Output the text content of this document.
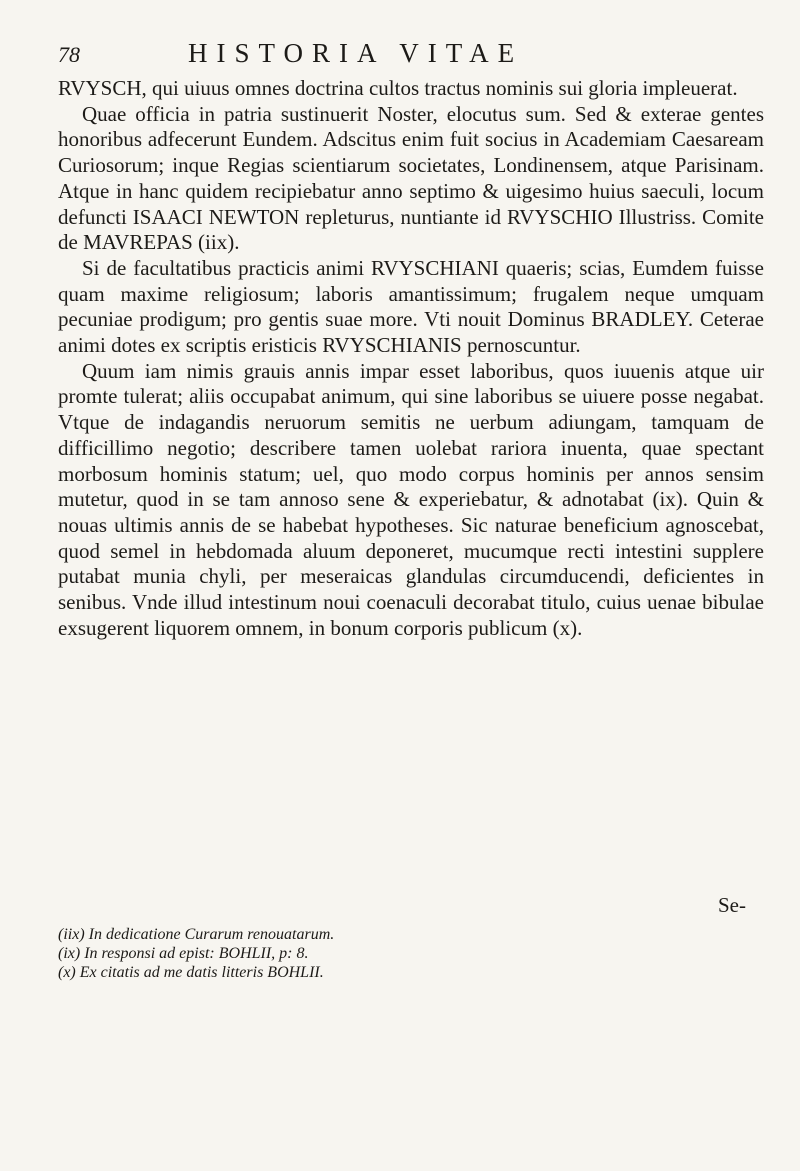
78	HISTORIA VITAE

RVYSCH, qui uiuus omnes doctrina cultos tractus nominis sui gloria impleuerat.

Quae officia in patria sustinuerit Noster, elocutus sum. Sed & exterae gentes honoribus adfecerunt Eundem. Adscitus enim fuit socius in Academiam Caesaream Curiosorum; inque Regias scientiarum societates, Londinensem, atque Parisinam. Atque in hanc quidem recipiebatur anno septimo & uigesimo huius saeculi, locum defuncti ISAACI NEWTON repleturus, nuntiante id RVYSCHIO Illustriss. Comite de MAVREPAS (iix).

Si de facultatibus practicis animi RVYSCHIANI quaeris; scias, Eumdem fuisse quam maxime religiosum; laboris amantissimum; frugalem neque umquam pecuniae prodigum; pro gentis suae more. Vti nouit Dominus BRADLEY. Ceterae animi dotes ex scriptis eristicis RVYSCHIANIS pernoscuntur.

Quum iam nimis grauis annis impar esset laboribus, quos iuuenis atque uir promte tulerat; aliis occupabat animum, qui sine laboribus se uiuere posse negabat. Vtque de indagandis neruorum semitis ne uerbum adiungam, tamquam de difficillimo negotio; describere tamen uolebat rariora inuenta, quae spectant morbosum hominis statum; uel, quo modo corpus hominis per annos sensim mutetur, quod in se tam annoso sene & experiebatur, & adnotabat (ix). Quin & nouas ultimis annis de se habebat hypotheses. Sic naturae beneficium agnoscebat, quod semel in hebdomada aluum deponeret, mucumque recti intestini supplere putabat munia chyli, per meseraicas glandulas circumducendi, deficientes in senibus. Vnde illud intestinum noui coenaculi decorabat titulo, cuius uenae bibulae exsugerent liquorem omnem, in bonum corporis publicum (x).

Se-
(iix) In dedicatione Curarum renouatarum.
(ix) In responsi ad epist: BOHLII, p: 8.
(x) Ex citatis ad me datis litteris BOHLII.
